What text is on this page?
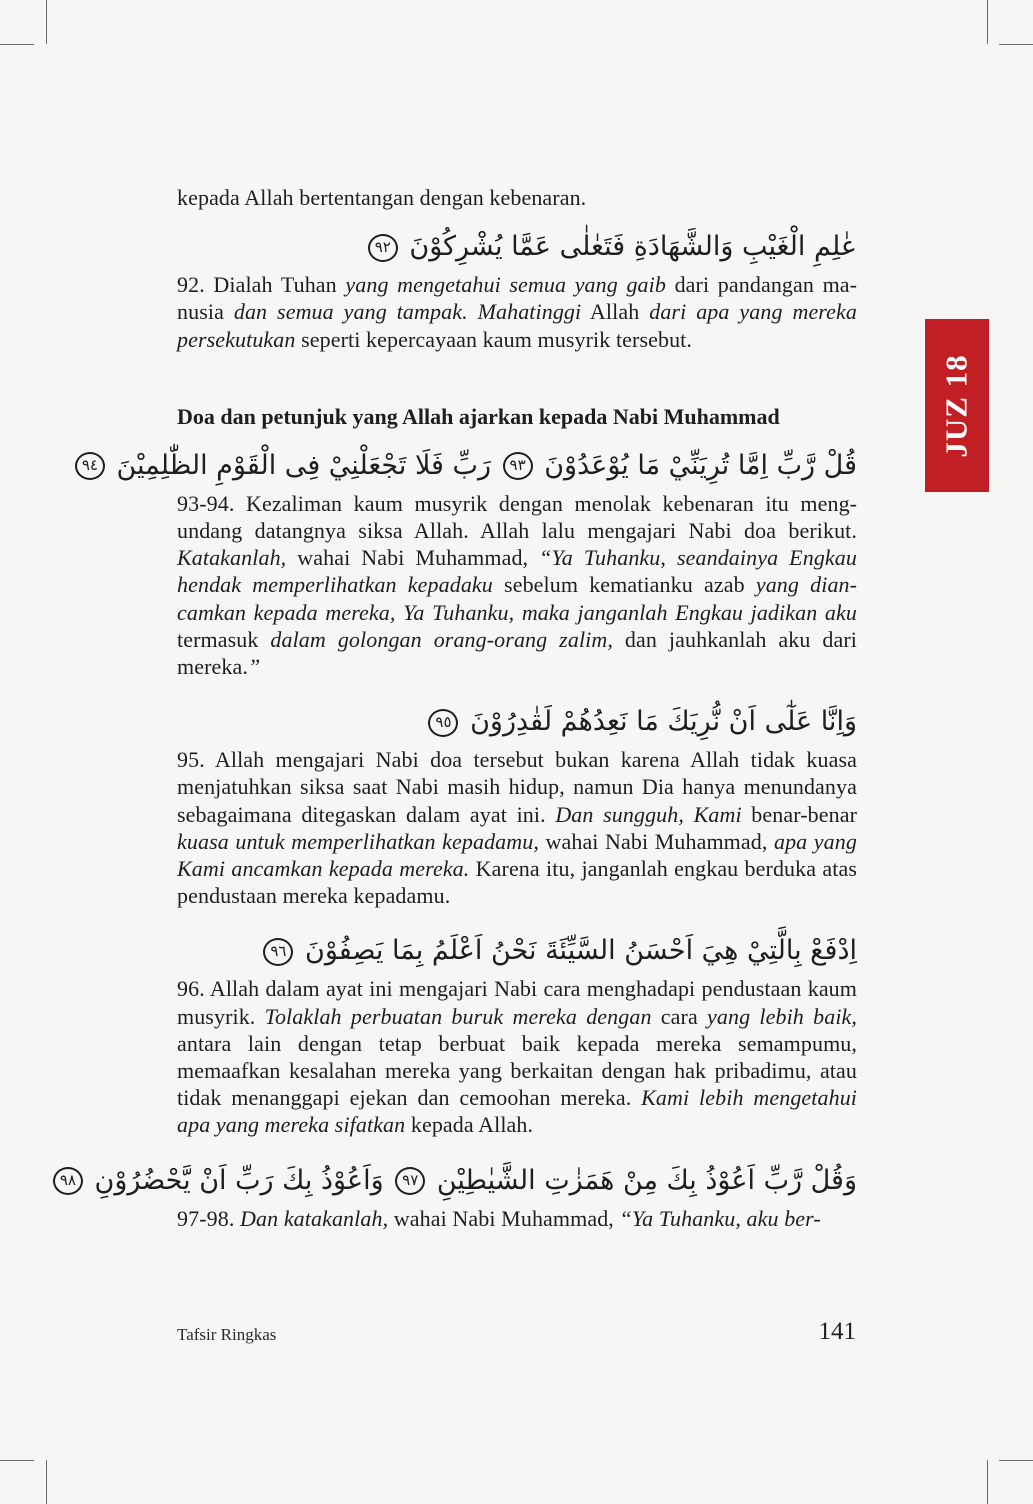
JUZ 18

kepada Allah bertentangan dengan kebenaran.

عٰلِمِ الْغَيْبِ وَالشَّهَادَةِ فَتَعٰلٰى عَمَّا يُشْرِكُوْنَ ٩٢

92. Dialah Tuhan yang mengetahui semua yang gaib dari pandangan manusia dan semua yang tampak. Mahatinggi Allah dari apa yang mereka persekutukan seperti kepercayaan kaum musyrik tersebut.

Doa dan petunjuk yang Allah ajarkan kepada Nabi Muhammad
قُلْ رَّبِّ اِمَّا تُرِيَنِّيْ مَا يُوْعَدُوْنَ ٩٣ رَبِّ فَلَا تَجْعَلْنِيْ فِى الْقَوْمِ الظّٰلِمِيْنَ ٩٤

93-94. Kezaliman kaum musyrik dengan menolak kebenaran itu mengundang datangnya siksa Allah. Allah lalu mengajari Nabi doa berikut. Katakanlah, wahai Nabi Muhammad, “Ya Tuhanku, seandainya Engkau hendak memperlihatkan kepadaku sebelum kematianku azab yang diancamkan kepada mereka, Ya Tuhanku, maka janganlah Engkau jadikan aku termasuk dalam golongan orang-orang zalim, dan jauhkanlah aku dari mereka.”

وَاِنَّا عَلٰٓى اَنْ نُّرِيَكَ مَا نَعِدُهُمْ لَقٰدِرُوْنَ ٩٥

95. Allah mengajari Nabi doa tersebut bukan karena Allah tidak kuasa menjatuhkan siksa saat Nabi masih hidup, namun Dia hanya menundanya sebagaimana ditegaskan dalam ayat ini. Dan sungguh, Kami benar-benar kuasa untuk memperlihatkan kepadamu, wahai Nabi Muhammad, apa yang Kami ancamkan kepada mereka. Karena itu, janganlah engkau berduka atas pendustaan mereka kepadamu.

اِدْفَعْ بِالَّتِيْ هِيَ اَحْسَنُ السَّيِّئَةَ نَحْنُ اَعْلَمُ بِمَا يَصِفُوْنَ ٩٦

96. Allah dalam ayat ini mengajari Nabi cara menghadapi pendustaan kaum musyrik. Tolaklah perbuatan buruk mereka dengan cara yang lebih baik, antara lain dengan tetap berbuat baik kepada mereka semampumu, memaafkan kesalahan mereka yang berkaitan dengan hak pribadimu, atau tidak menanggapi ejekan dan cemoohan mereka. Kami lebih mengetahui apa yang mereka sifatkan kepada Allah.

وَقُلْ رَّبِّ اَعُوْذُ بِكَ مِنْ هَمَزٰتِ الشَّيٰطِيْنِ ٩٧ وَاَعُوْذُ بِكَ رَبِّ اَنْ يَّحْضُرُوْنِ ٩٨

97-98. Dan katakanlah, wahai Nabi Muhammad, “Ya Tuhanku, aku ber-

Tafsir Ringkas	141
